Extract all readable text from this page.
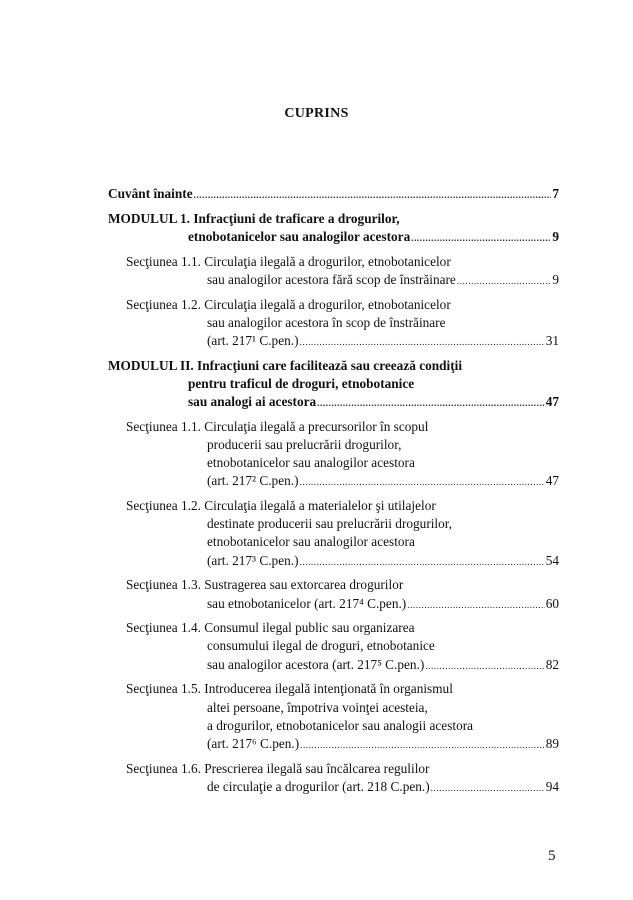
CUPRINS
Cuvânt înainte .....	7
MODULUL 1. Infracţiuni de traficare a drogurilor,
etnobotanicelor sau analogilor acestora .....	9
Secţiunea 1.1. Circulaţia ilegală a drogurilor, etnobotanicelor
sau analogilor acestora fără scop de înstrăinare .....	9
Secţiunea 1.2. Circulaţia ilegală a drogurilor, etnobotanicelor
sau analogilor acestora în scop de înstrăinare
(art. 217¹ C.pen.) .....	31
MODULUL II. Infracţiuni care facilitează sau creează condiţii
pentru traficul de droguri, etnobotanice
sau analogi ai acestora .....	47
Secţiunea 1.1. Circulaţia ilegală a precursorilor în scopul
producerii sau prelucrării drogurilor,
etnobotanicelor sau analogilor acestora
(art. 217² C.pen.) .....	47
Secţiunea 1.2. Circulaţia ilegală a materialelor şi utilajelor
destinate producerii sau prelucrării drogurilor,
etnobotanicelor sau analogilor acestora
(art. 217³ C.pen.) .....	54
Secţiunea 1.3. Sustragerea sau extorcarea drogurilor
sau etnobotanicelor (art. 217⁴ C.pen.) .....	60
Secţiunea 1.4. Consumul ilegal public sau organizarea
consumului ilegal de droguri, etnobotanice
sau analogilor acestora (art. 217⁵ C.pen.) .....	82
Secţiunea 1.5. Introducerea ilegală intenţionată în organismul
altei persoane, împotriva voinţei acesteia,
a drogurilor, etnobotanicelor sau analogii acestora
(art. 217⁶ C.pen.) .....	89
Secţiunea 1.6. Prescrierea ilegală sau încălcarea regulilor
de circulaţie a drogurilor (art. 218 C.pen.) .....	94
5
